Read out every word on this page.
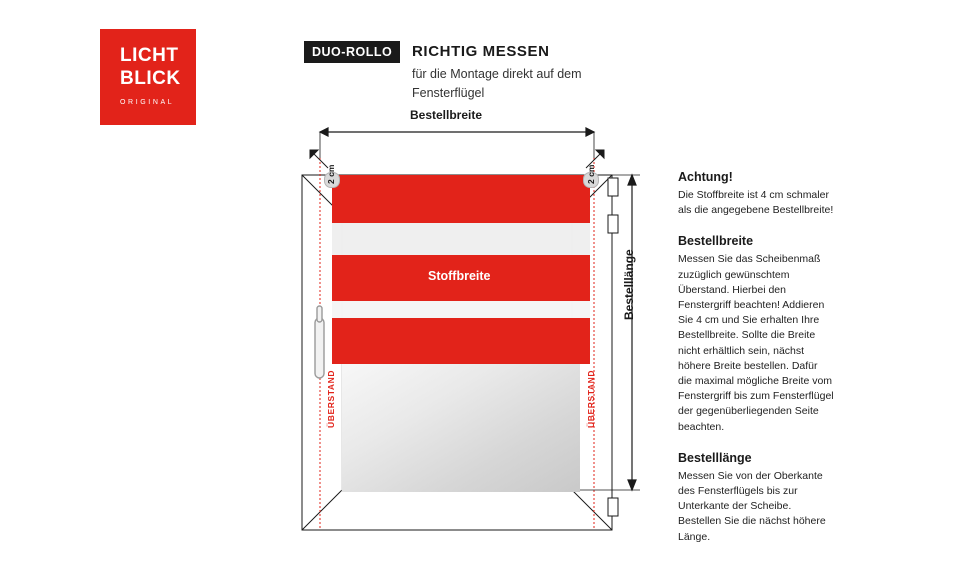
LICHT
BLICK
ORIGINAL
DUO-ROLLO	RICHTIG MESSEN
für die Montage direkt auf dem Fensterflügel
Bestellbreite
Stoffbreite	Bestelllänge
2 cm	2 cm
ÜBERSTAND	ÜBERSTAND
Achtung!

Die Stoffbreite ist 4 cm schmaler als die angegebene Bestellbreite!

Bestellbreite

Messen Sie das Scheibenmaß zuzüglich gewünschtem Überstand. Hierbei den Fenstergriff beachten! Addieren Sie 4 cm und Sie erhalten Ihre Bestellbreite. Sollte die Breite nicht erhältlich sein, nächst höhere Breite bestellen. Dafür die maximal mögliche Breite vom Fenstergriff bis zum Fensterflügel der gegenüberliegenden Seite beachten.

Bestelllänge

Messen Sie von der Oberkante des Fensterflügels bis zur Unterkante der Scheibe. Bestellen Sie die nächst höhere Länge.
